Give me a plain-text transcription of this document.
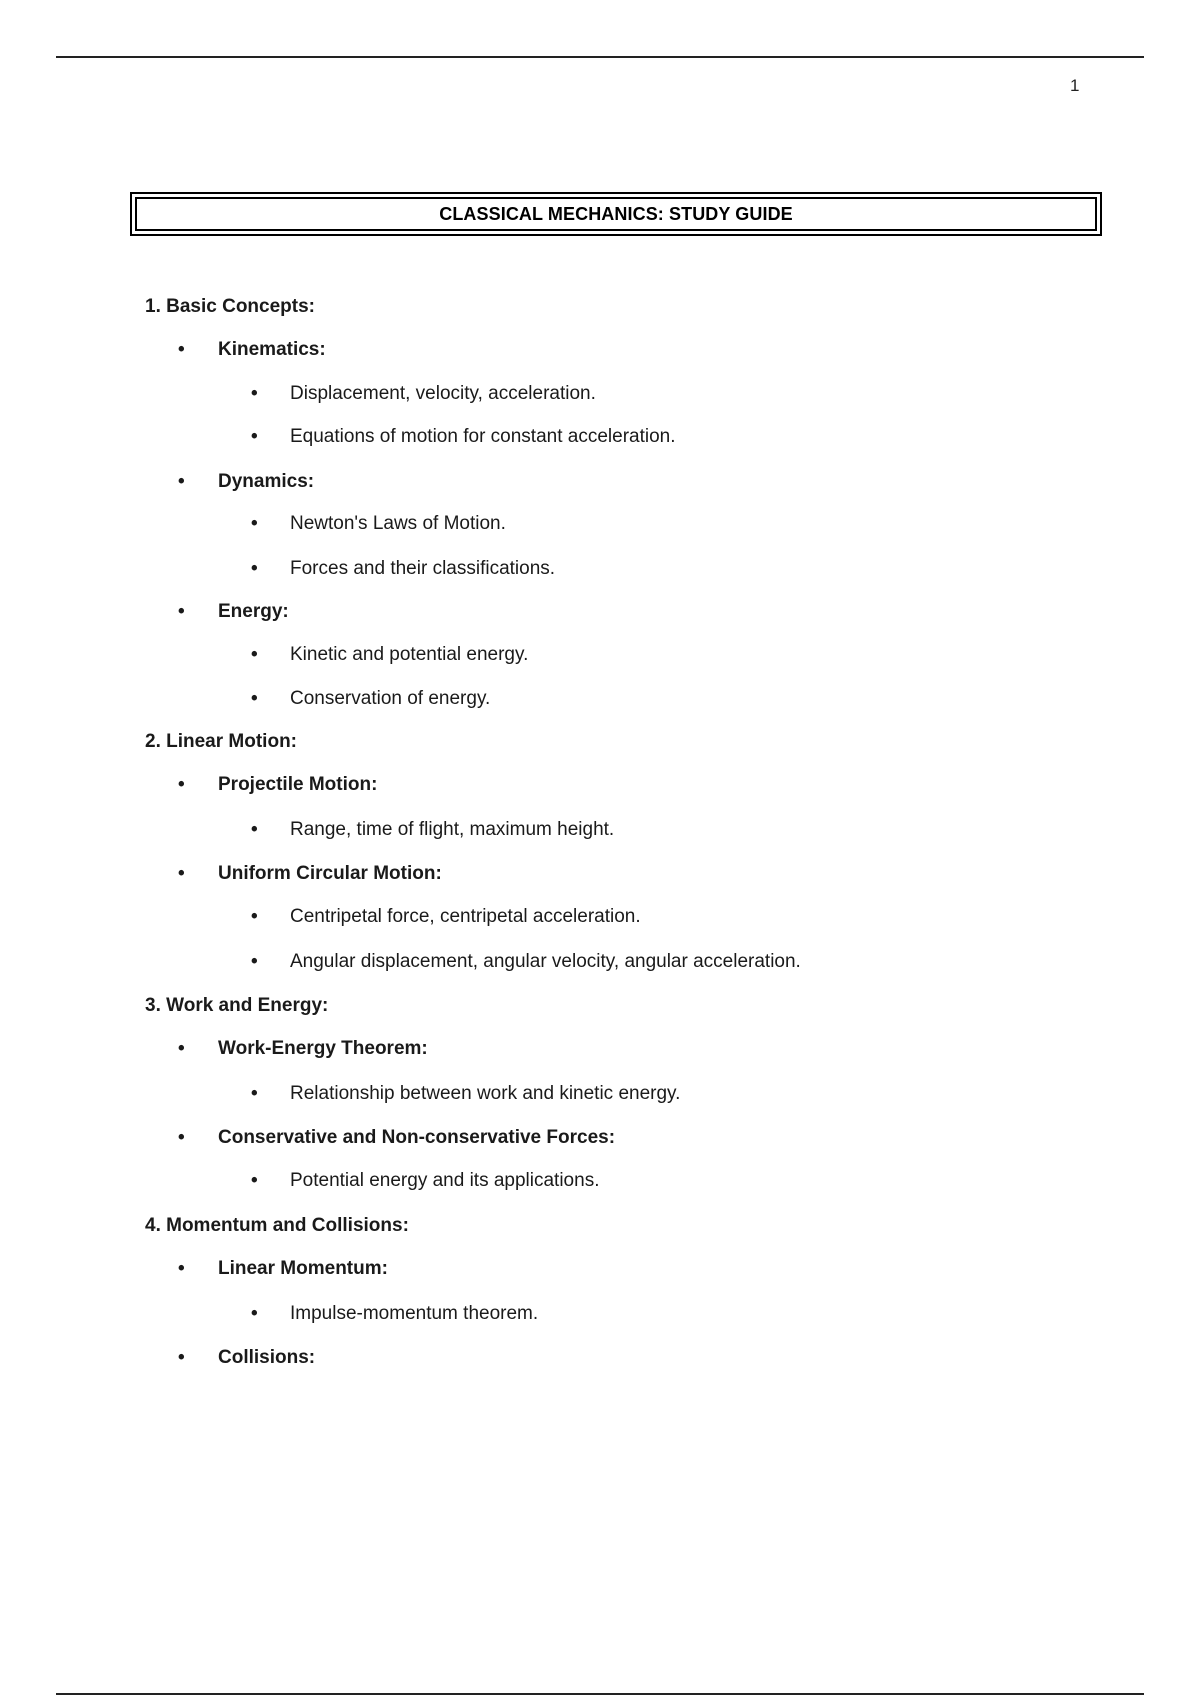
1
CLASSICAL MECHANICS: STUDY GUIDE
1. Basic Concepts:
• Kinematics:
• Displacement, velocity, acceleration.
• Equations of motion for constant acceleration.
• Dynamics:
• Newton's Laws of Motion.
• Forces and their classifications.
• Energy:
• Kinetic and potential energy.
• Conservation of energy.
2. Linear Motion:
• Projectile Motion:
• Range, time of flight, maximum height.
• Uniform Circular Motion:
• Centripetal force, centripetal acceleration.
• Angular displacement, angular velocity, angular acceleration.
3. Work and Energy:
• Work-Energy Theorem:
• Relationship between work and kinetic energy.
• Conservative and Non-conservative Forces:
• Potential energy and its applications.
4. Momentum and Collisions:
• Linear Momentum:
• Impulse-momentum theorem.
• Collisions:
